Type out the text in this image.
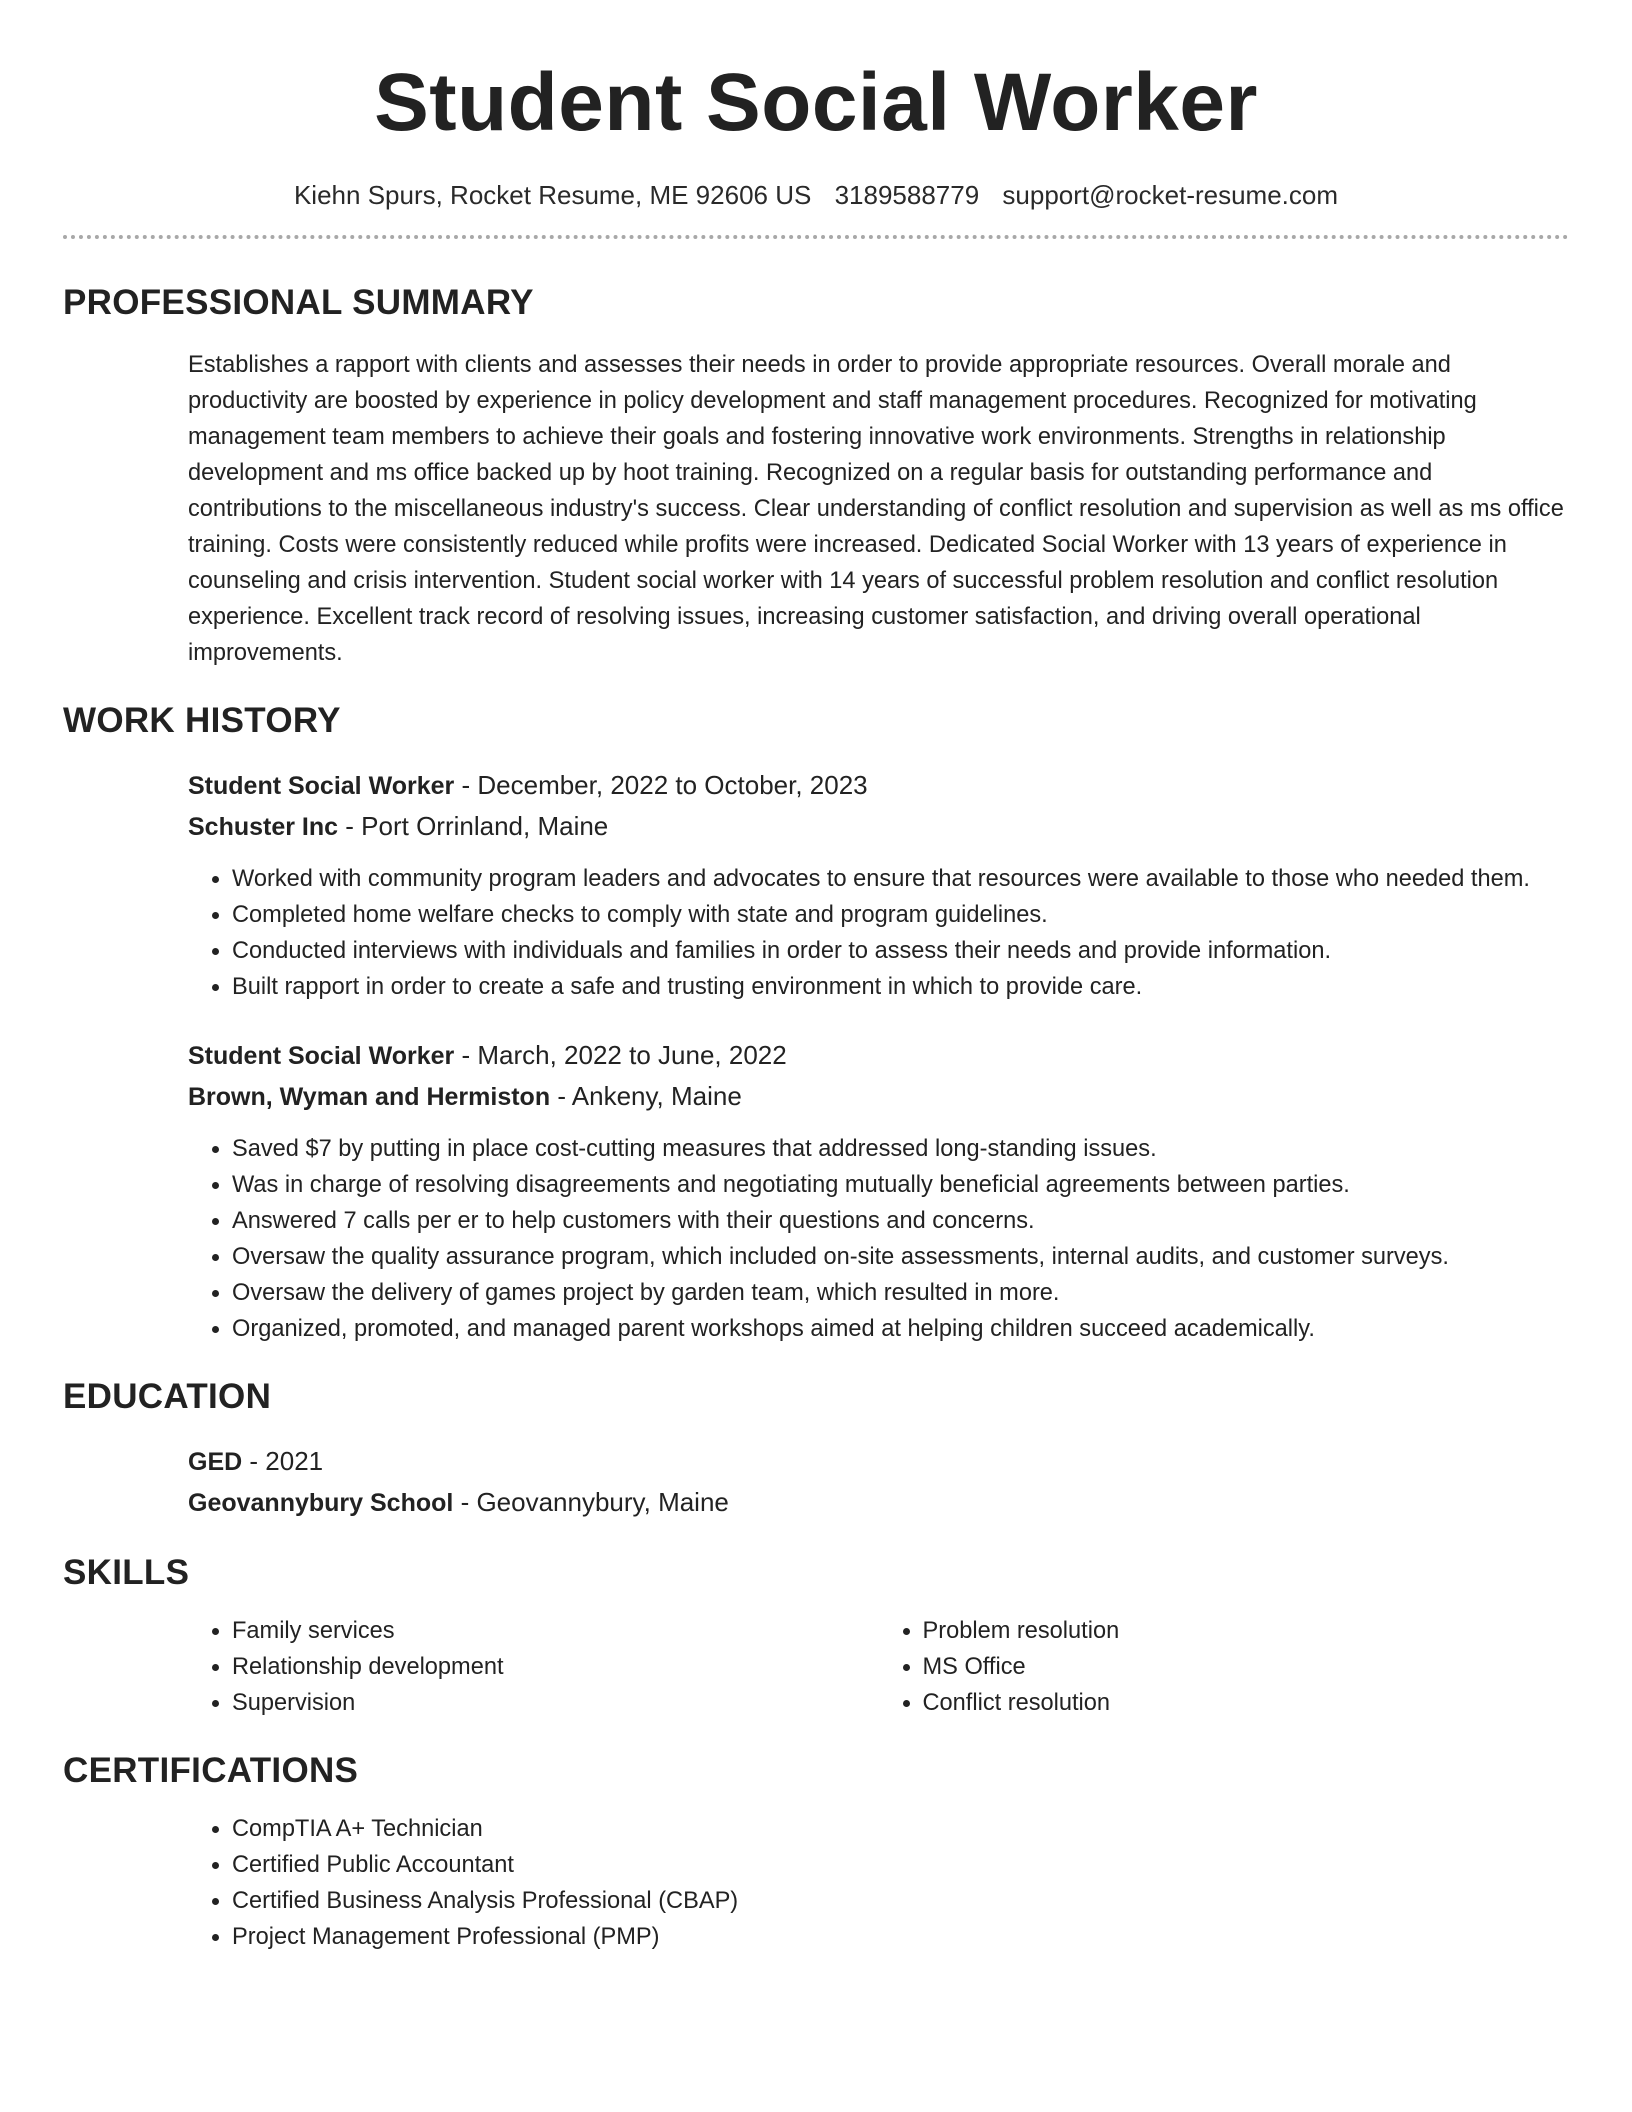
Student Social Worker
Kiehn Spurs, Rocket Resume, ME 92606 US 3189588779 support@rocket-resume.com
PROFESSIONAL SUMMARY

Establishes a rapport with clients and assesses their needs in order to provide appropriate resources. Overall morale and productivity are boosted by experience in policy development and staff management procedures. Recognized for motivating management team members to achieve their goals and fostering innovative work environments. Strengths in relationship development and ms office backed up by hoot training. Recognized on a regular basis for outstanding performance and contributions to the miscellaneous industry's success. Clear understanding of conflict resolution and supervision as well as ms office training. Costs were consistently reduced while profits were increased. Dedicated Social Worker with 13 years of experience in counseling and crisis intervention. Student social worker with 14 years of successful problem resolution and conflict resolution experience. Excellent track record of resolving issues, increasing customer satisfaction, and driving overall operational improvements.

WORK HISTORY
Student Social Worker - December, 2022 to October, 2023
Schuster Inc - Port Orrinland, Maine
• Worked with community program leaders and advocates to ensure that resources were available to those who needed them.
• Completed home welfare checks to comply with state and program guidelines.
• Conducted interviews with individuals and families in order to assess their needs and provide information.
• Built rapport in order to create a safe and trusting environment in which to provide care.
Student Social Worker - March, 2022 to June, 2022
Brown, Wyman and Hermiston - Ankeny, Maine
• Saved $7 by putting in place cost-cutting measures that addressed long-standing issues.
• Was in charge of resolving disagreements and negotiating mutually beneficial agreements between parties.
• Answered 7 calls per er to help customers with their questions and concerns.
• Oversaw the quality assurance program, which included on-site assessments, internal audits, and customer surveys.
• Oversaw the delivery of games project by garden team, which resulted in more.
• Organized, promoted, and managed parent workshops aimed at helping children succeed academically.
EDUCATION
GED - 2021
Geovannybury School - Geovannybury, Maine
SKILLS
• Family services
• Relationship development
• Supervision
• Problem resolution
• MS Office
• Conflict resolution
CERTIFICATIONS
• CompTIA A+ Technician
• Certified Public Accountant
• Certified Business Analysis Professional (CBAP)
• Project Management Professional (PMP)
